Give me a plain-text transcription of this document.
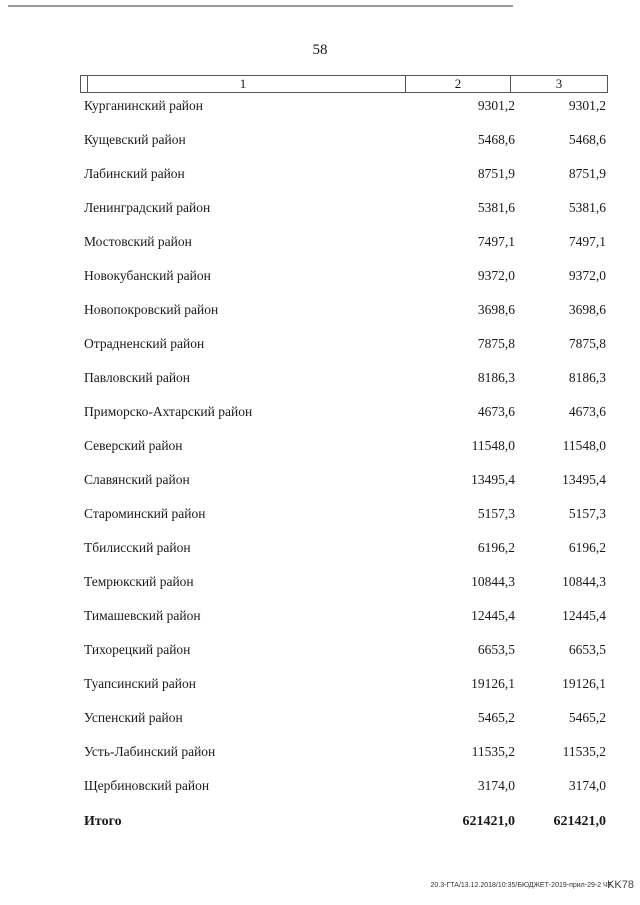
58
1	2	3
Курганинский район	9301,2	9301,2
Кущевский район	5468,6	5468,6
Лабинский район	8751,9	8751,9
Ленинградский район	5381,6	5381,6
Мостовский район	7497,1	7497,1
Новокубанский район	9372,0	9372,0
Новопокровский район	3698,6	3698,6
Отрадненский район	7875,8	7875,8
Павловский район	8186,3	8186,3
Приморско-Ахтарский район	4673,6	4673,6
Северский район	11548,0	11548,0
Славянский район	13495,4	13495,4
Староминский район	5157,3	5157,3
Тбилисский район	6196,2	6196,2
Темрюкский район	10844,3	10844,3
Тимашевский район	12445,4	12445,4
Тихорецкий район	6653,5	6653,5
Туапсинский район	19126,1	19126,1
Успенский район	5465,2	5465,2
Усть-Лабинский район	11535,2	11535,2
Щербиновский район	3174,0	3174,0
Итого	621421,0	621421,0
20.3-ГТА/13.12.2018/10:35/БЮДЖЕТ-2019-прил-29-2 ЧТ
KK78
